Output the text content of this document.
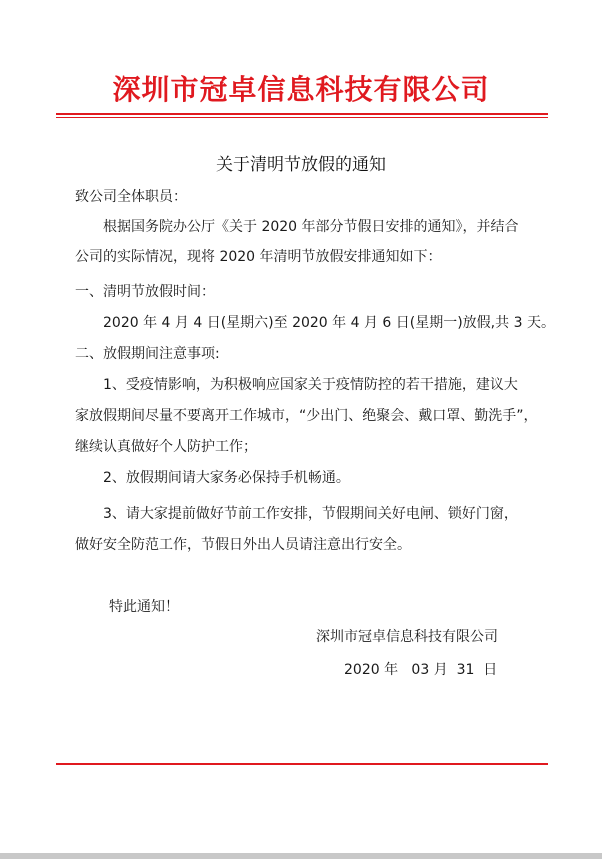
深圳市冠卓信息科技有限公司
关于清明节放假的通知
致公司全体职员：
根据国务院办公厅《关于 2020 年部分节假日安排的通知》，并结合
公司的实际情况，现将 2020 年清明节放假安排通知如下：
一、清明节放假时间：
2020 年 4 月 4 日(星期六)至 2020 年 4 月 6 日(星期一)放假,共 3 天。
二、放假期间注意事项:
1、受疫情影响，为积极响应国家关于疫情防控的若干措施，建议大
家放假期间尽量不要离开工作城市，“少出门、绝聚会、戴口罩、勤洗手”，
继续认真做好个人防护工作；
2、放假期间请大家务必保持手机畅通。
3、请大家提前做好节前工作安排，节假期间关好电闸、锁好门窗，
做好安全防范工作，节假日外出人员请注意出行安全。
特此通知！
深圳市冠卓信息科技有限公司
2020 年   03 月  31  日
